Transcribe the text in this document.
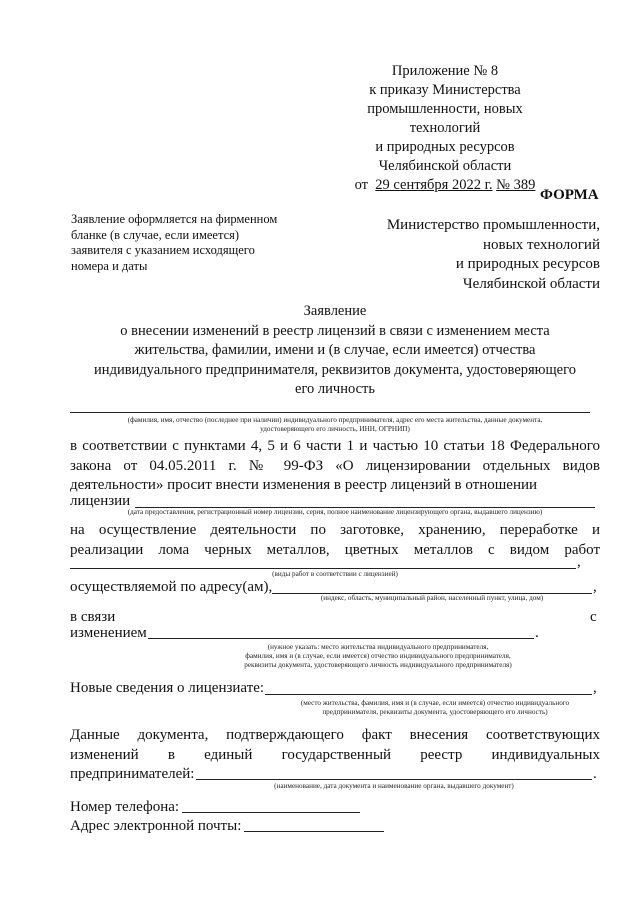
Приложение № 8
к приказу Министерства
промышленности, новых технологий
и природных ресурсов
Челябинской области
от 29 сентября 2022 г. № 389
ФОРМА
Заявление оформляется на фирменном бланке (в случае, если имеется) заявителя с указанием исходящего номера и даты
Министерство промышленности,
новых технологий
и природных ресурсов
Челябинской области
Заявление
о внесении изменений в реестр лицензий в связи с изменением места
жительства, фамилии, имени и (в случае, если имеется) отчества
индивидуального предпринимателя, реквизитов документа, удостоверяющего
его личность
(фамилия, имя, отчество (последнее при наличии) индивидуального предпринимателя, адрес его места жительства, данные документа,
удостоверяющего его личность, ИНН, ОГРНИП)
в соответствии с пунктами 4, 5 и 6 части 1 и частью 10 статьи 18 Федерального закона от 04.05.2011 г. № 99-ФЗ «О лицензировании отдельных видов деятельности» просит внести изменения в реестр лицензий в отношении
лицензии
(дата предоставления, регистрационный номер лицензии, серия, полное наименование лицензирующего органа, выдавшего лицензию)
на осуществление деятельности по заготовке, хранению, переработке и реализации лома черных металлов, цветных металлов с видом работ
,
(виды работ в соответствии с лицензией)
осуществляемой по адресу(ам),	,
(индекс, область, муниципальный район, населенный пункт, улица, дом)
в связи	с
изменением	.
(нужное указать: место жительства индивидуального предпринимателя,
фамилия, имя и (в случае, если имеется) отчество индивидуального предпринимателя,
реквизиты документа, удостоверяющего личность индивидуального предпринимателя)
Новые сведения о лицензиате:	,
(место жительства, фамилия, имя и (в случае, если имеется) отчество индивидуального
предпринимателя, реквизиты документа, удостоверяющего его личность)
Данные документа, подтверждающего факт внесения соответствующих изменений в единый государственный реестр индивидуальных
предпринимателей:	.
(наименование, дата документа и наименование органа, выдавшего документ)
Номер телефона:
Адрес электронной почты:
